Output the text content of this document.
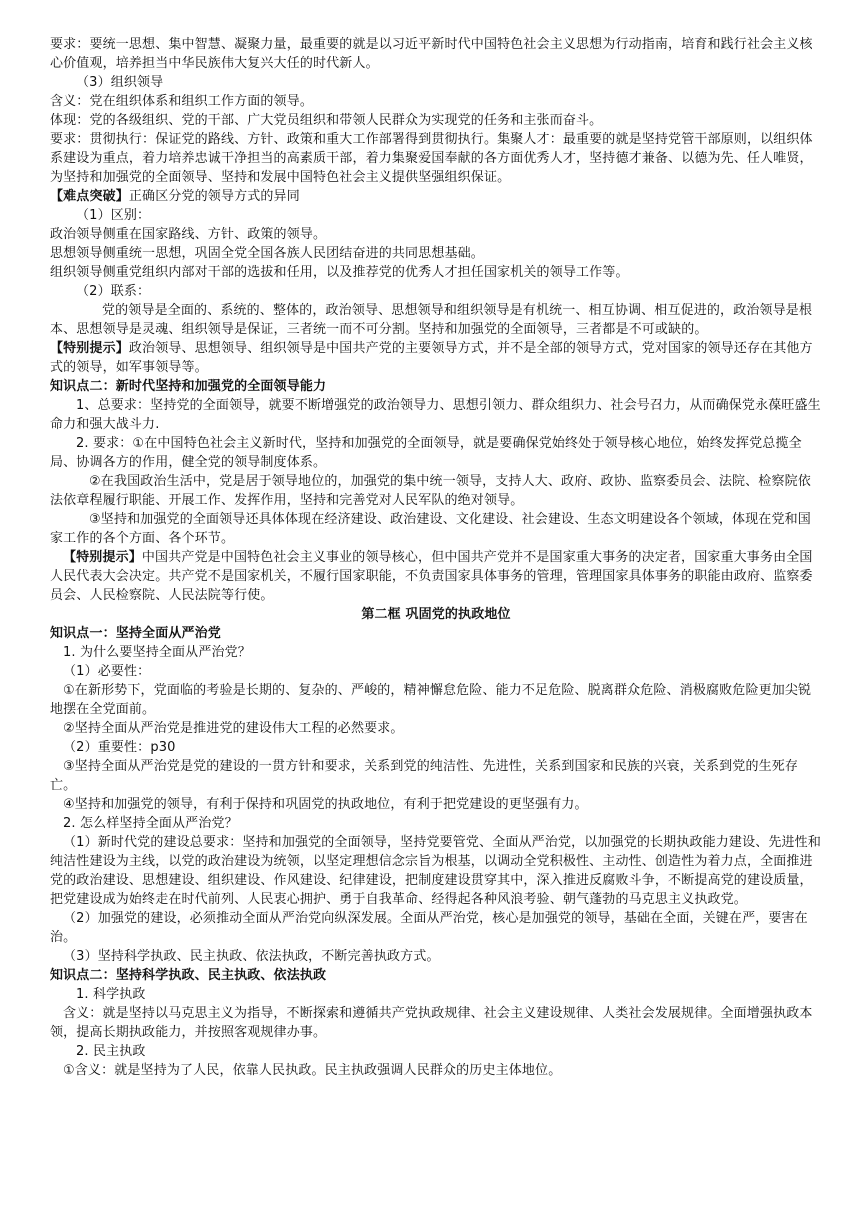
要求：要统一思想、集中智慧、凝聚力量，最重要的就是以习近平新时代中国特色社会主义思想为行动指南，培育和践行社会主义核心价值观，培养担当中华民族伟大复兴大任的时代新人。

（3）组织领导

含义：党在组织体系和组织工作方面的领导。

体现：党的各级组织、党的干部、广大党员组织和带领人民群众为实现党的任务和主张而奋斗。

要求：贯彻执行：保证党的路线、方针、政策和重大工作部署得到贯彻执行。集聚人才：最重要的就是坚持党管干部原则，以组织体系建设为重点，着力培养忠诚干净担当的高素质干部，着力集聚爱国奉献的各方面优秀人才，坚持德才兼备、以德为先、任人唯贤，为坚持和加强党的全面领导、坚持和发展中国特色社会主义提供坚强组织保证。

【难点突破】正确区分党的领导方式的异同

（1）区别：

政治领导侧重在国家路线、方针、政策的领导。

思想领导侧重统一思想，巩固全党全国各族人民团结奋进的共同思想基础。

组织领导侧重党组织内部对干部的选拔和任用，以及推荐党的优秀人才担任国家机关的领导工作等。

（2）联系：

党的领导是全面的、系统的、整体的，政治领导、思想领导和组织领导是有机统一、相互协调、相互促进的，政治领导是根本、思想领导是灵魂、组织领导是保证，三者统一而不可分割。坚持和加强党的全面领导，三者都是不可或缺的。

【特别提示】政治领导、思想领导、组织领导是中国共产党的主要领导方式，并不是全部的领导方式，党对国家的领导还存在其他方式的领导，如军事领导等。

知识点二：新时代坚持和加强党的全面领导能力

1、总要求：坚持党的全面领导，就要不断增强党的政治领导力、思想引领力、群众组织力、社会号召力，从而确保党永葆旺盛生命力和强大战斗力.

2. 要求：①在中国特色社会主义新时代，坚持和加强党的全面领导，就是要确保党始终处于领导核心地位，始终发挥党总揽全局、协调各方的作用，健全党的领导制度体系。

②在我国政治生活中，党是居于领导地位的，加强党的集中统一领导，支持人大、政府、政协、监察委员会、法院、检察院依法依章程履行职能、开展工作、发挥作用，坚持和完善党对人民军队的绝对领导。

③坚持和加强党的全面领导还具体体现在经济建设、政治建设、文化建设、社会建设、生态文明建设各个领域，体现在党和国家工作的各个方面、各个环节。

【特别提示】中国共产党是中国特色社会主义事业的领导核心，但中国共产党并不是国家重大事务的决定者，国家重大事务由全国人民代表大会决定。共产党不是国家机关，不履行国家职能，不负责国家具体事务的管理，管理国家具体事务的职能由政府、监察委员会、人民检察院、人民法院等行使。

第二框 巩固党的执政地位

知识点一：坚持全面从严治党

1. 为什么要坚持全面从严治党？

（1）必要性：

①在新形势下，党面临的考验是长期的、复杂的、严峻的，精神懈怠危险、能力不足危险、脱离群众危险、消极腐败危险更加尖锐地摆在全党面前。

②坚持全面从严治党是推进党的建设伟大工程的必然要求。

（2）重要性：p30

③坚持全面从严治党是党的建设的一贯方针和要求，关系到党的纯洁性、先进性，关系到国家和民族的兴衰，关系到党的生死存亡。

④坚持和加强党的领导，有利于保持和巩固党的执政地位，有利于把党建设的更坚强有力。

2. 怎么样坚持全面从严治党？

（1）新时代党的建设总要求：坚持和加强党的全面领导，坚持党要管党、全面从严治党，以加强党的长期执政能力建设、先进性和纯洁性建设为主线，以党的政治建设为统领，以坚定理想信念宗旨为根基，以调动全党积极性、主动性、创造性为着力点，全面推进党的政治建设、思想建设、组织建设、作风建设、纪律建设，把制度建设贯穿其中，深入推进反腐败斗争，不断提高党的建设质量，把党建设成为始终走在时代前列、人民衷心拥护、勇于自我革命、经得起各种风浪考验、朝气蓬勃的马克思主义执政党。

（2）加强党的建设，必须推动全面从严治党向纵深发展。全面从严治党，核心是加强党的领导，基础在全面，关键在严，要害在治。

（3）坚持科学执政、民主执政、依法执政，不断完善执政方式。

知识点二：坚持科学执政、民主执政、依法执政

1. 科学执政

含义：就是坚持以马克思主义为指导，不断探索和遵循共产党执政规律、社会主义建设规律、人类社会发展规律。全面增强执政本领，提高长期执政能力，并按照客观规律办事。

2. 民主执政

①含义：就是坚持为了人民，依靠人民执政。民主执政强调人民群众的历史主体地位。
